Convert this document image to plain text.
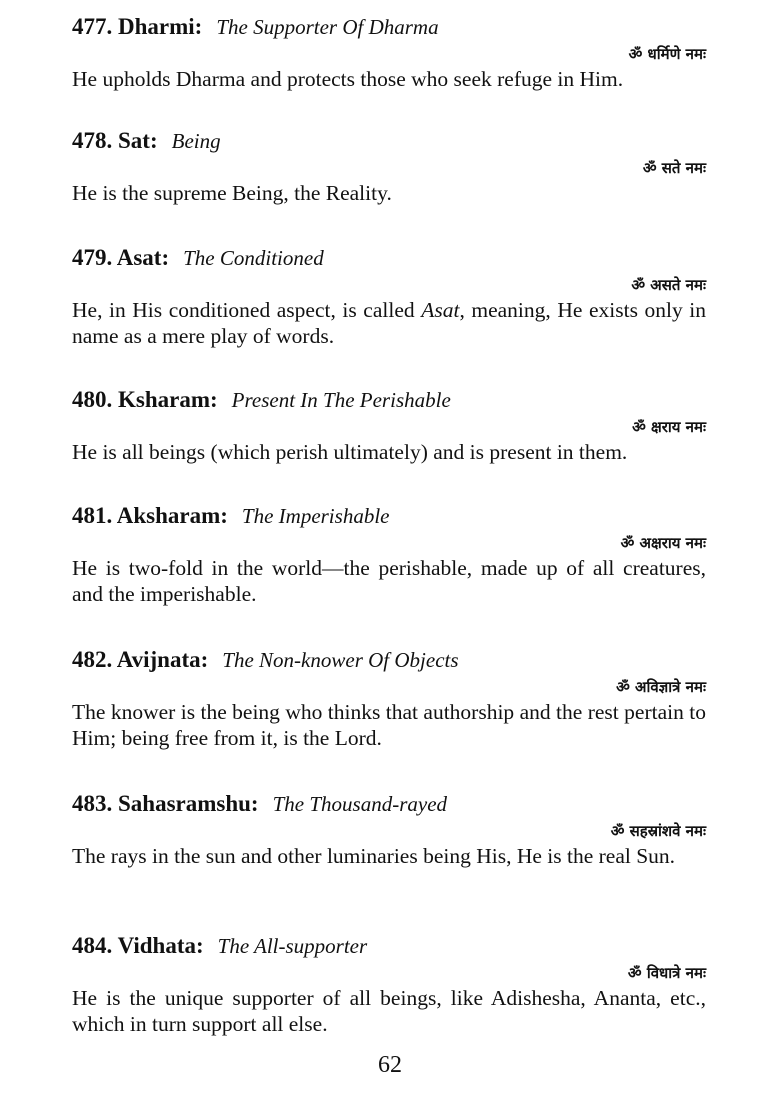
477. Dharmi: The Supporter Of Dharma
ॐ धर्मिणे नमः
He upholds Dharma and protects those who seek refuge in Him.
478. Sat: Being
ॐ सते नमः
He is the supreme Being, the Reality.
479. Asat: The Conditioned
ॐ असते नमः
He, in His conditioned aspect, is called Asat, meaning, He exists only in name as a mere play of words.
480. Ksharam: Present In The Perishable
ॐ क्षराय नमः
He is all beings (which perish ultimately) and is present in them.
481. Aksharam: The Imperishable
ॐ अक्षराय नमः
He is two-fold in the world—the perishable, made up of all creatures, and the imperishable.
482. Avijnata: The Non-knower Of Objects
ॐ अविज्ञात्रे नमः
The knower is the being who thinks that authorship and the rest pertain to Him; being free from it, is the Lord.
483. Sahasramshu: The Thousand-rayed
ॐ सहस्रांशवे नमः
The rays in the sun and other luminaries being His, He is the real Sun.
484. Vidhata: The All-supporter
ॐ विधात्रे नमः
He is the unique supporter of all beings, like Adishesha, Ananta, etc., which in turn support all else.
62
